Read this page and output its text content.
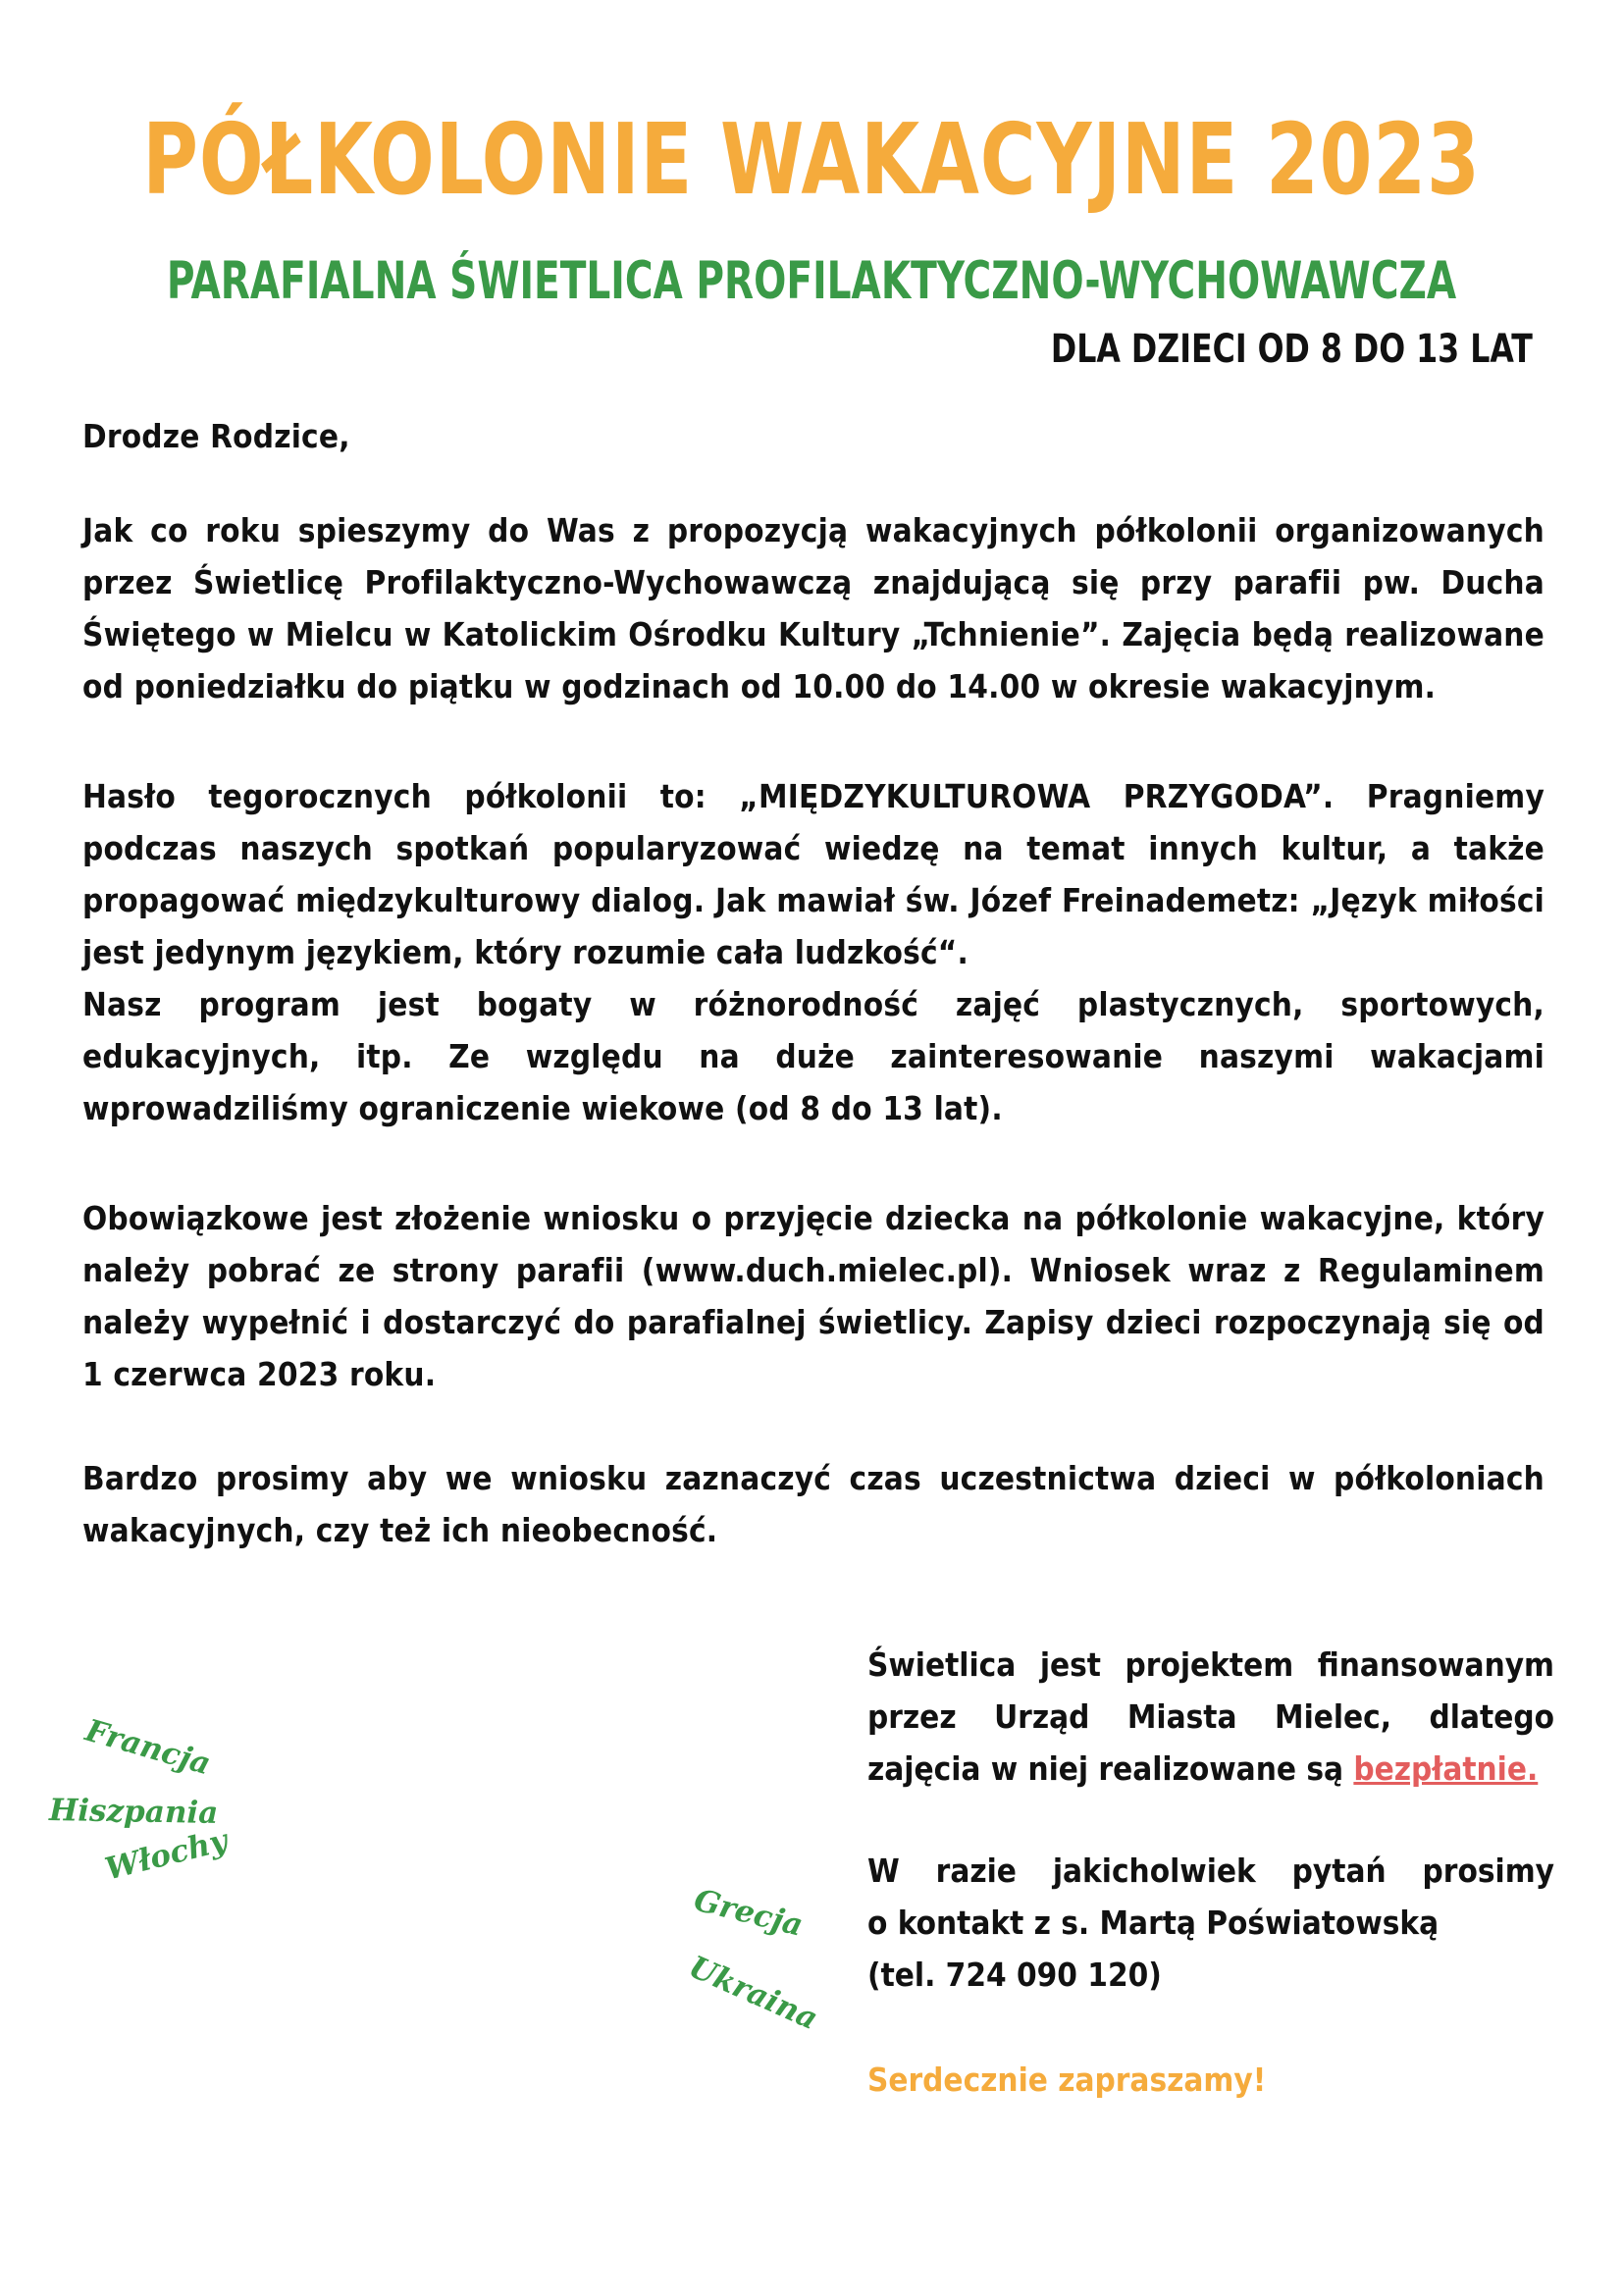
PÓŁKOLONIE WAKACYJNE 2023
PARAFIALNA ŚWIETLICA PROFILAKTYCZNO-WYCHOWAWCZA
DLA DZIECI OD 8 DO 13 LAT
Drodze Rodzice,
Jak co roku spieszymy do Was z propozycją wakacyjnych półkolonii organizowanych przez Świetlicę Profilaktyczno-Wychowawczą znajdującą się przy parafii pw. Ducha Świętego w Mielcu w Katolickim Ośrodku Kultury „Tchnienie”. Zajęcia będą realizowane od poniedziałku do piątku w godzinach od 10.00 do 14.00 w okresie wakacyjnym.
Hasło tegorocznych półkolonii to: „MIĘDZYKULTUROWA PRZYGODA”. Pragniemy podczas naszych spotkań popularyzować wiedzę na temat innych kultur, a także propagować międzykulturowy dialog. Jak mawiał św. Józef Freinademetz: „Język miłości jest jedynym językiem, który rozumie cała ludzkość“.
Nasz program jest bogaty w różnorodność zajęć plastycznych, sportowych, edukacyjnych, itp. Ze względu na duże zainteresowanie naszymi wakacjami wprowadziliśmy ograniczenie wiekowe (od 8 do 13 lat).
Obowiązkowe jest złożenie wniosku o przyjęcie dziecka na półkolonie wakacyjne, który należy pobrać ze strony parafii (www.duch.mielec.pl). Wniosek wraz z Regulaminem należy wypełnić i dostarczyć do parafialnej świetlicy. Zapisy dzieci rozpoczynają się od 1 czerwca 2023 roku.
Bardzo prosimy aby we wniosku zaznaczyć czas uczestnictwa dzieci w półkoloniach wakacyjnych, czy też ich nieobecność.
Francja
Hiszpania
Włochy
Grecja
Ukraina
Świetlica jest projektem finansowanym przez Urząd Miasta Mielec, dlatego zajęcia w niej realizowane są bezpłatnie.
W razie jakicholwiek pytań prosimy
o kontakt z s. Martą Poświatowską
(tel. 724 090 120)
Serdecznie zapraszamy!
